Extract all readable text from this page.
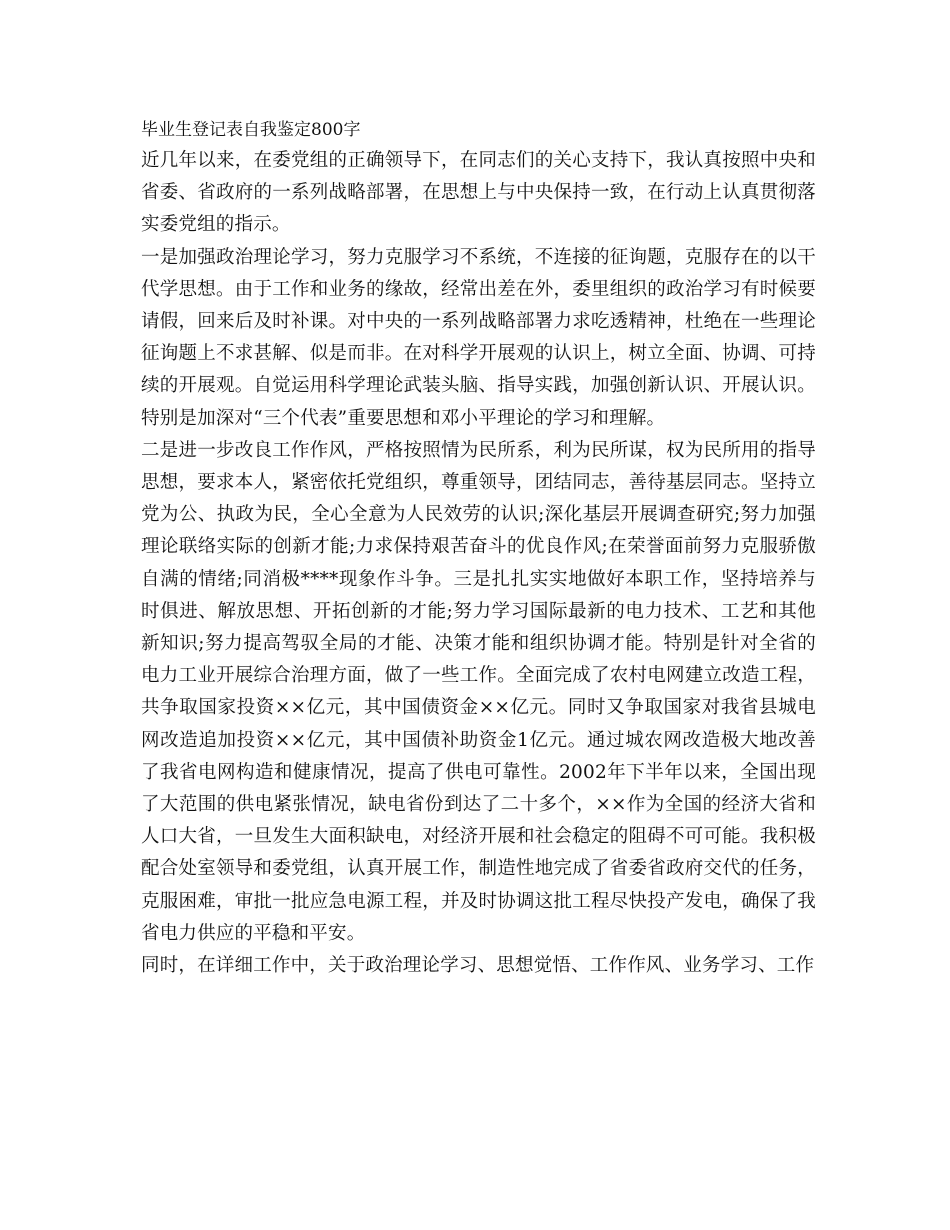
毕业生登记表自我鉴定800字

近几年以来，在委党组的正确领导下，在同志们的关心支持下，我认真按照中央和省委、省政府的一系列战略部署，在思想上与中央保持一致，在行动上认真贯彻落实委党组的指示。

一是加强政治理论学习，努力克服学习不系统，不连接的征询题，克服存在的以干代学思想。由于工作和业务的缘故，经常出差在外，委里组织的政治学习有时候要请假，回来后及时补课。对中央的一系列战略部署力求吃透精神，杜绝在一些理论征询题上不求甚解、似是而非。在对科学开展观的认识上，树立全面、协调、可持续的开展观。自觉运用科学理论武装头脑、指导实践，加强创新认识、开展认识。特别是加深对“三个代表”重要思想和邓小平理论的学习和理解。

二是进一步改良工作作风，严格按照情为民所系，利为民所谋，权为民所用的指导思想，要求本人，紧密依托党组织，尊重领导，团结同志，善待基层同志。坚持立党为公、执政为民，全心全意为人民效劳的认识;深化基层开展调查研究;努力加强理论联络实际的创新才能;力求保持艰苦奋斗的优良作风;在荣誉面前努力克服骄傲自满的情绪;同消极****现象作斗争。三是扎扎实实地做好本职工作，坚持培养与时俱进、解放思想、开拓创新的才能;努力学习国际最新的电力技术、工艺和其他新知识;努力提高驾驭全局的才能、决策才能和组织协调才能。特别是针对全省的电力工业开展综合治理方面，做了一些工作。全面完成了农村电网建立改造工程，共争取国家投资××亿元，其中国债资金××亿元。同时又争取国家对我省县城电网改造追加投资××亿元，其中国债补助资金1亿元。通过城农网改造极大地改善了我省电网构造和健康情况，提高了供电可靠性。2002年下半年以来，全国出现了大范围的供电紧张情况，缺电省份到达了二十多个，××作为全国的经济大省和人口大省，一旦发生大面积缺电，对经济开展和社会稳定的阻碍不可可能。我积极配合处室领导和委党组，认真开展工作，制造性地完成了省委省政府交代的任务，克服困难，审批一批应急电源工程，并及时协调这批工程尽快投产发电，确保了我省电力供应的平稳和平安。

同时，在详细工作中，关于政治理论学习、思想觉悟、工作作风、业务学习、工作
